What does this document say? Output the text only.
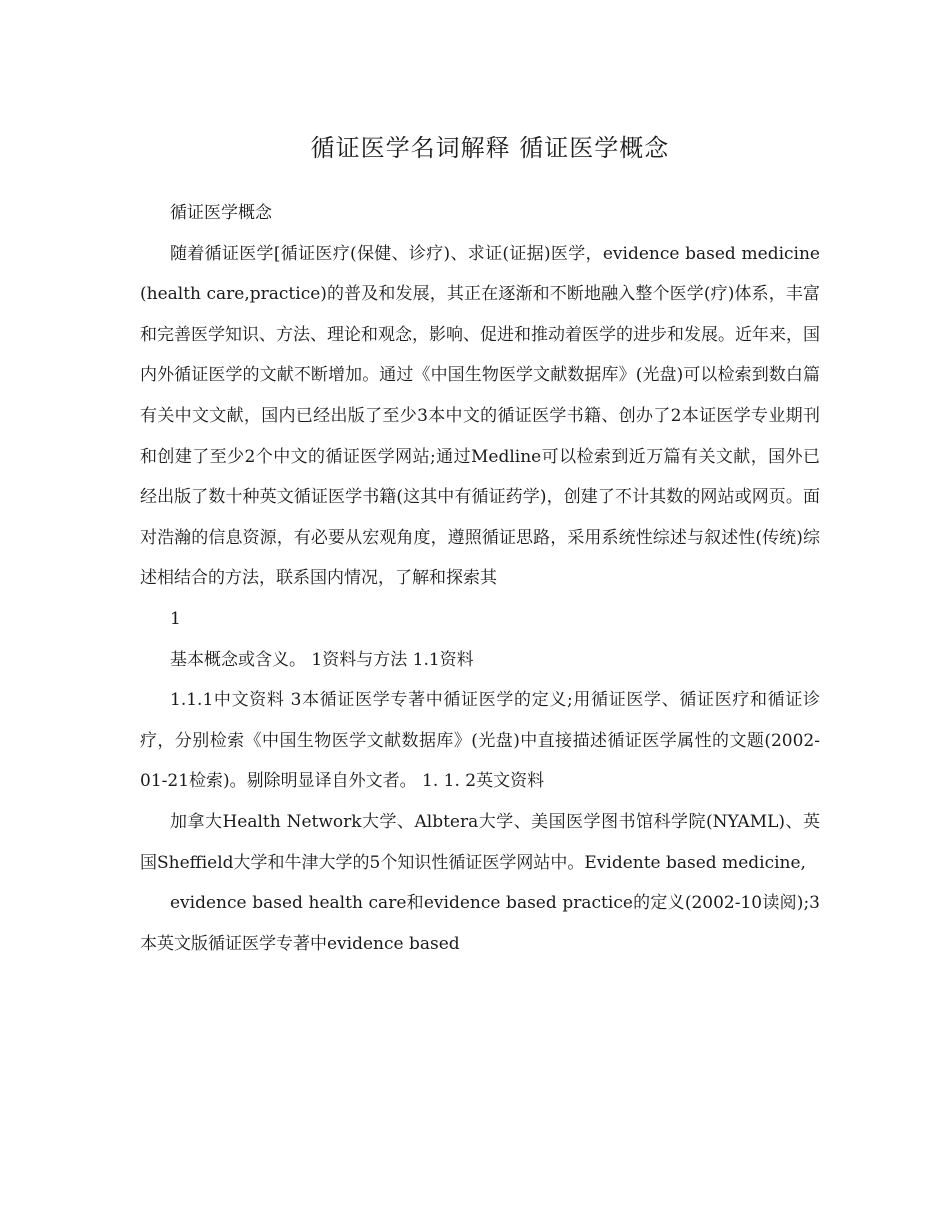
循证医学名词解释 循证医学概念

循证医学概念

随着循证医学[循证医疗(保健、诊疗)、求证(证据)医学，evidence based medicine (health care,practice)的普及和发展，其正在逐渐和不断地融入整个医学(疗)体系，丰富和完善医学知识、方法、理论和观念，影响、促进和推动着医学的进步和发展。近年来，国内外循证医学的文献不断增加。通过《中国生物医学文献数据库》(光盘)可以检索到数白篇有关中文文献，国内已经出版了至少3本中文的循证医学书籍、创办了2本证医学专业期刊和创建了至少2个中文的循证医学网站;通过Medline可以检索到近万篇有关文献，国外已经出版了数十种英文循证医学书籍(这其中有循证药学)，创建了不计其数的网站或网页。面对浩瀚的信息资源，有必要从宏观角度，遵照循证思路，采用系统性综述与叙述性(传统)综述相结合的方法，联系国内情况，了解和探索其

1

基本概念或含义。 1资料与方法 1.1资料

1.1.1中文资料 3本循证医学专著中循证医学的定义;用循证医学、循证医疗和循证诊疗，分别检索《中国生物医学文献数据库》(光盘)中直接描述循证医学属性的文题(2002-01-21检索)。剔除明显译自外文者。 1. 1. 2英文资料

加拿大Health Network大学、Albtera大学、美国医学图书馆科学院(NYAML)、英国Sheffield大学和牛津大学的5个知识性循证医学网站中。Evidente based medicine,

evidence based health care和evidence based practice的定义(2002-10读阅);3本英文版循证医学专著中evidence based
